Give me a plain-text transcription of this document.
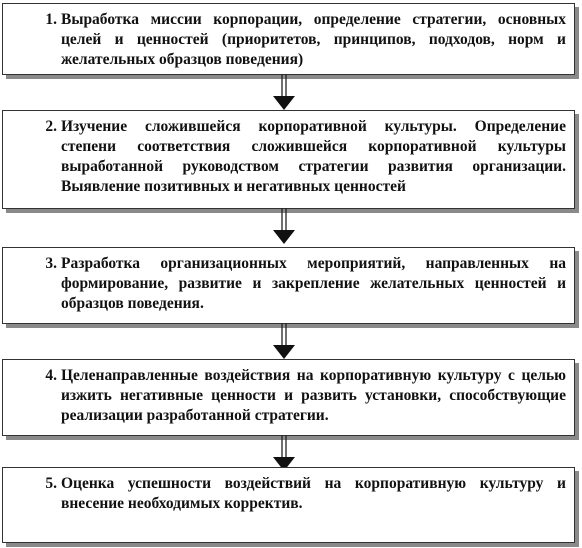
1. Выработка миссии корпорации, определение стратегии, основных целей и ценностей (приоритетов, принципов, подходов, норм и желательных образцов поведения)
2. Изучение сложившейся корпоративной культуры. Определение степени соответствия сложившейся корпоративной культуры выработанной руководством стратегии развития организации. Выявление позитивных и негативных ценностей
3. Разработка организационных мероприятий, направленных на формирование, развитие и закрепление желательных ценностей и образцов поведения.
4. Целенаправленные воздействия на корпоративную культуру с целью изжить негативные ценности и развить установки, способствующие реализации разработанной стратегии.
5. Оценка успешности воздействий на корпоративную культуру и внесение необходимых корректив.
